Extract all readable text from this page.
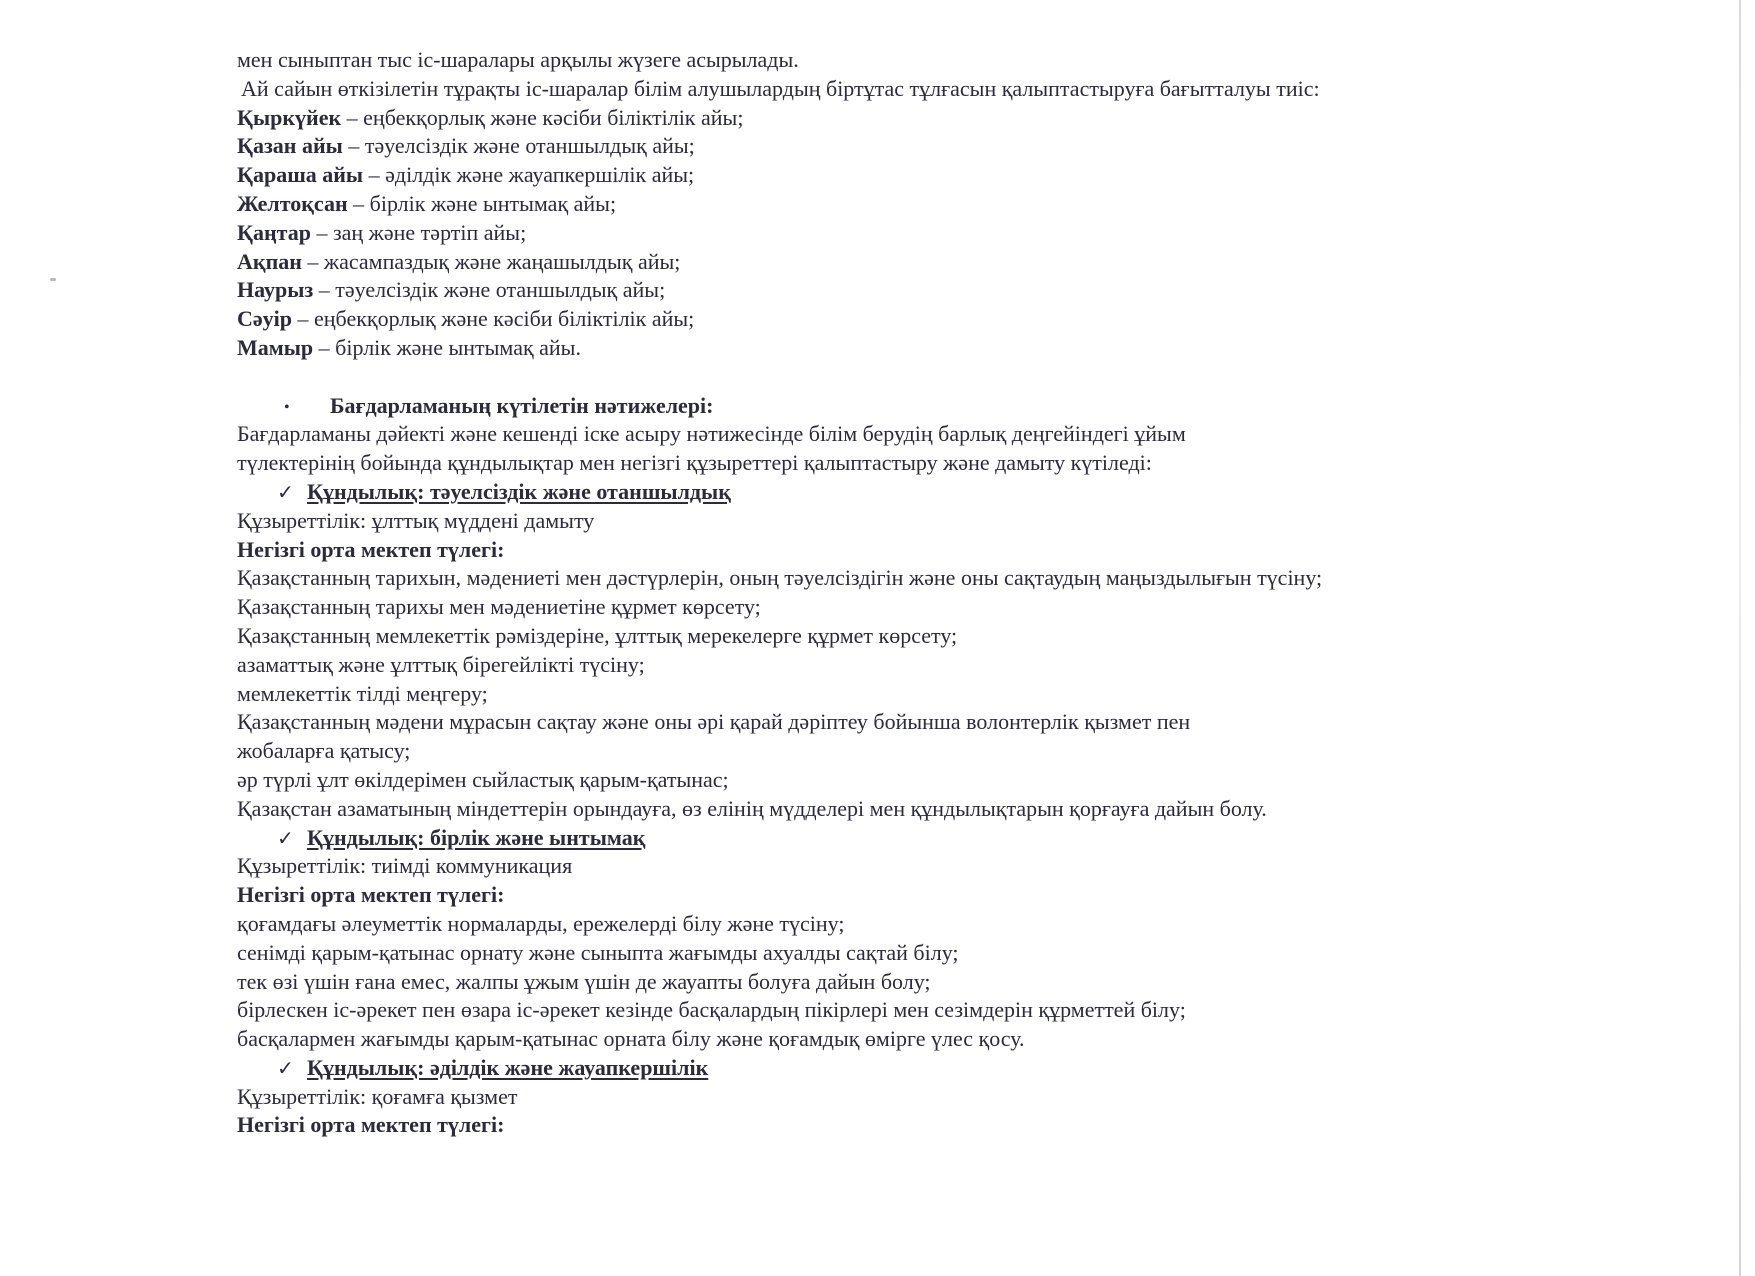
мен сыныптан тыс іс-шаралары арқылы жүзеге асырылады.
Ай сайын өткізілетін тұрақты іс-шаралар білім алушылардың біртұтас тұлғасын қалыптастыруға бағытталуы тиіс:
Қыркүйек – еңбекқорлық және кәсіби біліктілік айы;
Қазан айы – тәуелсіздік және отаншылдық айы;
Қараша айы – әділдік және жауапкершілік айы;
Желтоқсан – бірлік және ынтымақ айы;
Қаңтар – заң және тәртіп айы;
Ақпан – жасампаздық және жаңашылдық айы;
Наурыз – тәуелсіздік және отаншылдық айы;
Сәуір – еңбекқорлық және кәсіби біліктілік айы;
Мамыр – бірлік және ынтымақ айы.
• Бағдарламаның күтілетін нәтижелері:
Бағдарламаны дәйекті және кешенді іске асыру нәтижесінде білім берудің барлық деңгейіндегі ұйым
түлектерінің бойында құндылықтар мен негізгі құзыреттері қалыптастыру және дамыту күтіледі:
✓ Құндылық: тәуелсіздік және отаншылдық
Құзыреттілік: ұлттық мүддені дамыту
Негізгі орта мектеп түлегі:
Қазақстанның тарихын, мәдениеті мен дәстүрлерін, оның тәуелсіздігін және оны сақтаудың маңыздылығын түсіну;
Қазақстанның тарихы мен мәдениетіне құрмет көрсету;
Қазақстанның мемлекеттік рәміздеріне, ұлттық мерекелерге құрмет көрсету;
азаматтық және ұлттық бірегейлікті түсіну;
мемлекеттік тілді меңгеру;
Қазақстанның мәдени мұрасын сақтау және оны әрі қарай дәріптеу бойынша волонтерлік қызмет пен
жобаларға қатысу;
әр түрлі ұлт өкілдерімен сыйластық қарым-қатынас;
Қазақстан азаматының міндеттерін орындауға, өз елінің мүдделері мен құндылықтарын қорғауға дайын болу.
✓ Құндылық: бірлік және ынтымақ
Құзыреттілік: тиімді коммуникация
Негізгі орта мектеп түлегі:
қоғамдағы әлеуметтік нормаларды, ережелерді білу және түсіну;
сенімді қарым-қатынас орнату және сыныпта жағымды ахуалды сақтай білу;
тек өзі үшін ғана емес, жалпы ұжым үшін де жауапты болуға дайын болу;
бірлескен іс-әрекет пен өзара іс-әрекет кезінде басқалардың пікірлері мен сезімдерін құрметтей білу;
басқалармен жағымды қарым-қатынас орната білу және қоғамдық өмірге үлес қосу.
✓ Құндылық: әділдік және жауапкершілік
Құзыреттілік: қоғамға қызмет
Негізгі орта мектеп түлегі:
